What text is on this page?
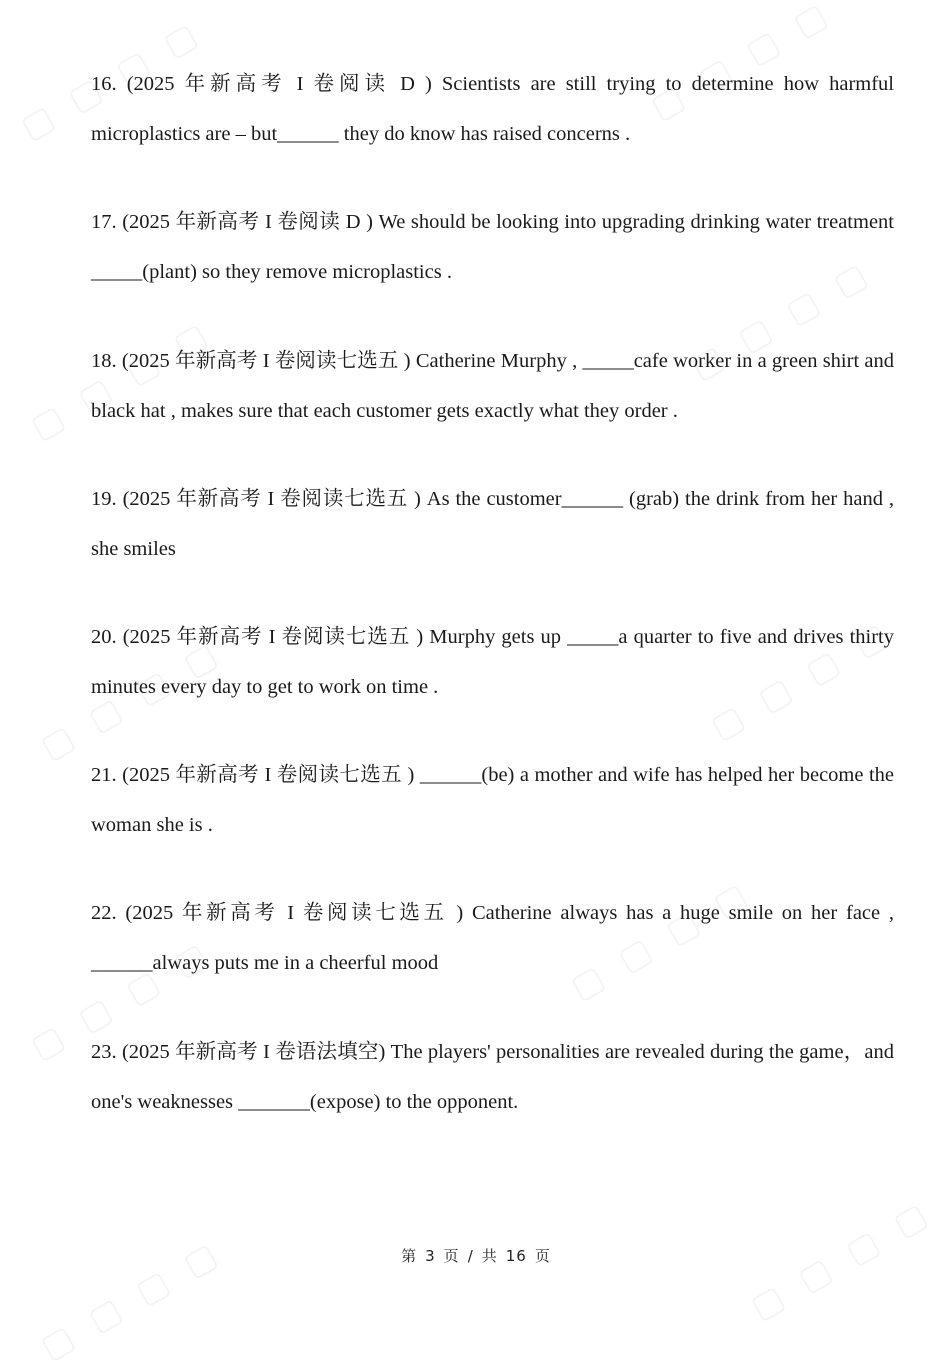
16. (2025 年新高考 I 卷阅读 D ) Scientists are still trying to determine how harmful microplastics are – but______ they do know has raised concerns .

17. (2025 年新高考 I 卷阅读 D ) We should be looking into upgrading drinking water treatment _____(plant) so they remove microplastics .

18. (2025 年新高考 I 卷阅读七选五 ) Catherine Murphy , _____cafe worker in a green shirt and black hat , makes sure that each customer gets exactly what they order .

19. (2025 年新高考 I 卷阅读七选五 ) As the customer______ (grab) the drink from her hand , she smiles

20. (2025 年新高考 I 卷阅读七选五 ) Murphy gets up _____a quarter to five and drives thirty minutes every day to get to work on time .

21. (2025 年新高考 I 卷阅读七选五 ) ______(be) a mother and wife has helped her become the woman she is .

22. (2025 年新高考 I 卷阅读七选五 ) Catherine always has a huge smile on her face , ______always puts me in a cheerful mood

23. (2025 年新高考 I 卷语法填空) The players' personalities are revealed during the game，and one's weaknesses _______(expose) to the opponent.

第 3 页 / 共 16 页
